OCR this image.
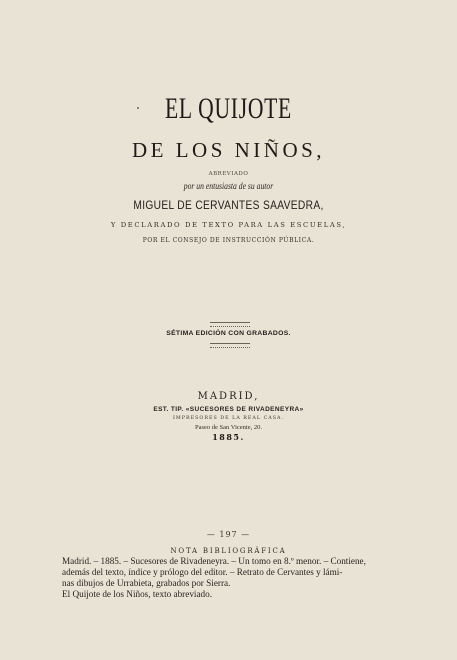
EL QUIJOTE
DE LOS NIÑOS,
ABREVIADO
por un entusiasta de su autor
MIGUEL DE CERVANTES SAAVEDRA,
Y DECLARADO DE TEXTO PARA LAS ESCUELAS,
POR EL CONSEJO DE INSTRUCCIÓN PÚBLICA.
SÉTIMA EDICIÓN CON GRABADOS.
MADRID,
EST. TIP. «SUCESORES DE RIVADENEYRA»
IMPRESORES DE LA REAL CASA.
Paseo de San Vicente, 20.
1885.
— 197 —
NOTA BIBLIOGRÁFICA
Madrid. – 1885. – Sucesores de Rivadeneyra. – Un tomo en 8.º menor. – Contiene,
además del texto, índice y prólogo del editor. – Retrato de Cervantes y lámi-
nas dibujos de Urrabieta, grabados por Sierra.
El Quijote de los Niños, texto abreviado.
